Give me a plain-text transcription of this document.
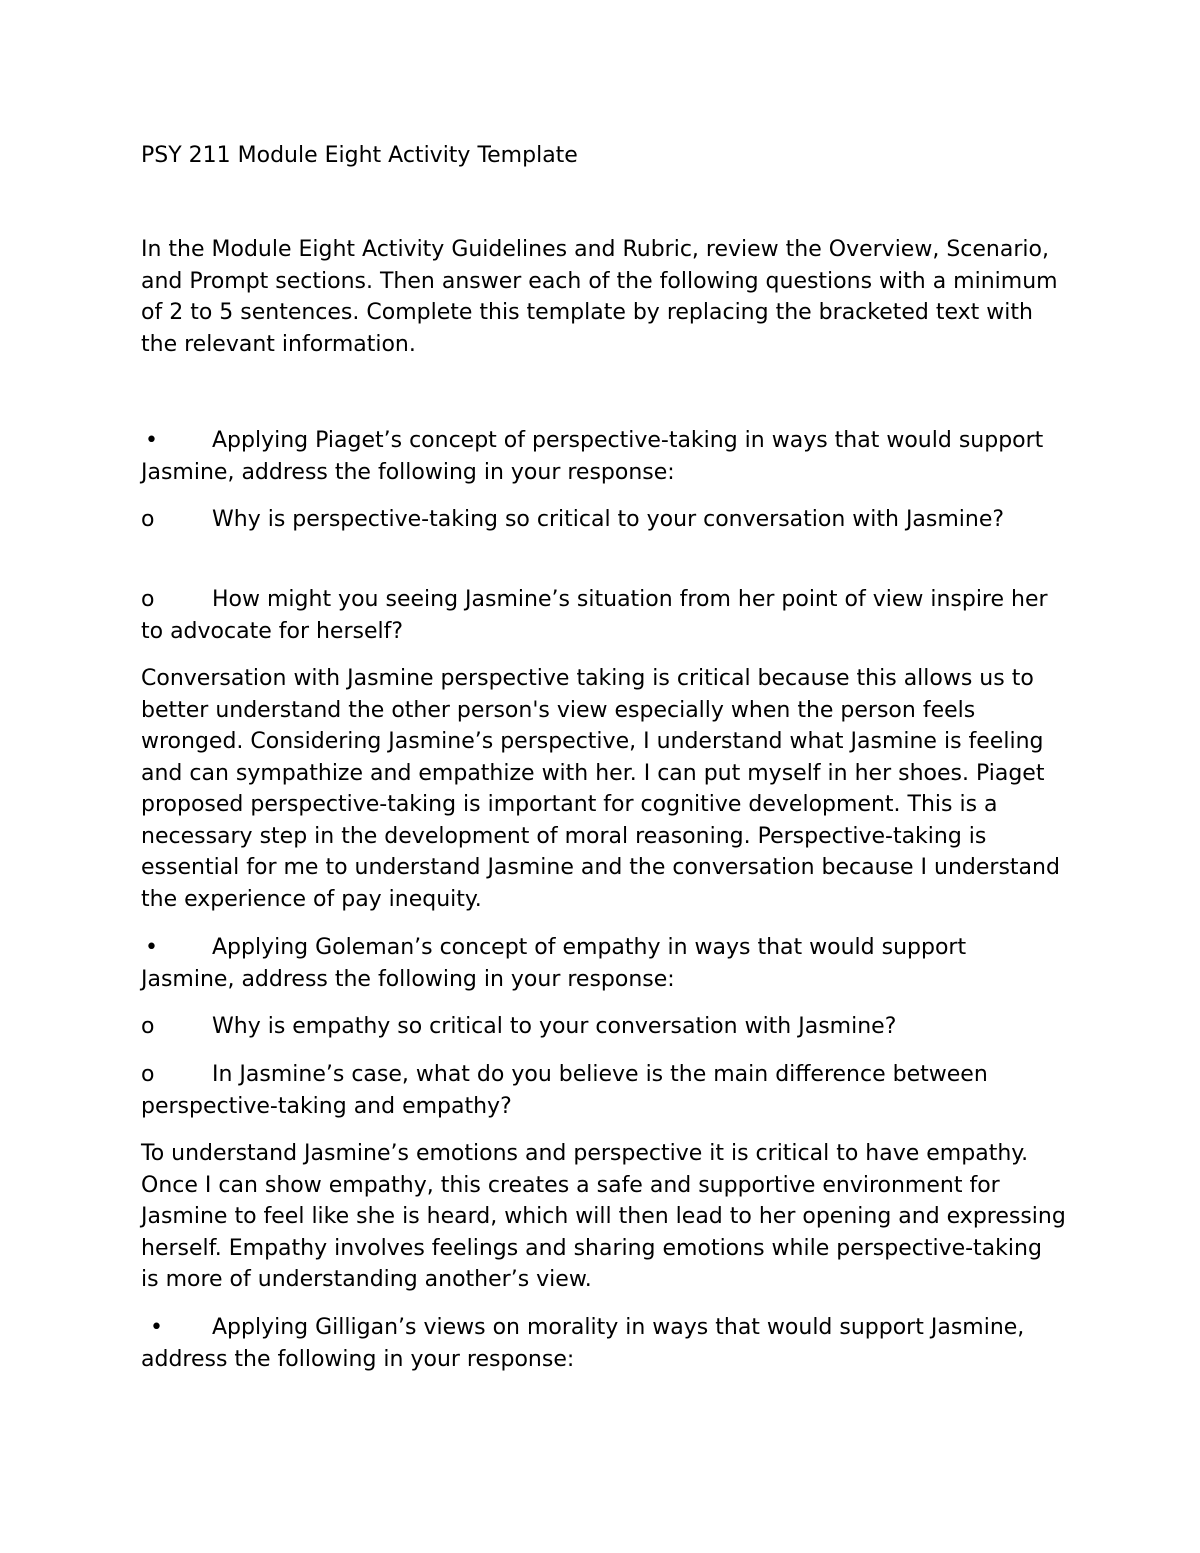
PSY 211 Module Eight Activity Template

In the Module Eight Activity Guidelines and Rubric, review the Overview, Scenario, and Prompt sections. Then answer each of the following questions with a minimum of 2 to 5 sentences. Complete this template by replacing the bracketed text with the relevant information.

• Applying Piaget’s concept of perspective-taking in ways that would support Jasmine, address the following in your response:

o	Why is perspective-taking so critical to your conversation with Jasmine?

o	How might you seeing Jasmine’s situation from her point of view inspire her to advocate for herself?

Conversation with Jasmine perspective taking is critical because this allows us to better understand the other person's view especially when the person feels wronged. Considering Jasmine’s perspective, I understand what Jasmine is feeling and can sympathize and empathize with her. I can put myself in her shoes. Piaget proposed perspective-taking is important for cognitive development. This is a necessary step in the development of moral reasoning. Perspective-taking is essential for me to understand Jasmine and the conversation because I understand the experience of pay inequity.

• Applying Goleman’s concept of empathy in ways that would support Jasmine, address the following in your response:

o	Why is empathy so critical to your conversation with Jasmine?

o	In Jasmine’s case, what do you believe is the main difference between perspective-taking and empathy?

To understand Jasmine’s emotions and perspective it is critical to have empathy. Once I can show empathy, this creates a safe and supportive environment for Jasmine to feel like she is heard, which will then lead to her opening and expressing herself. Empathy involves feelings and sharing emotions while perspective-taking is more of understanding another’s view.

• Applying Gilligan’s views on morality in ways that would support Jasmine, address the following in your response:
